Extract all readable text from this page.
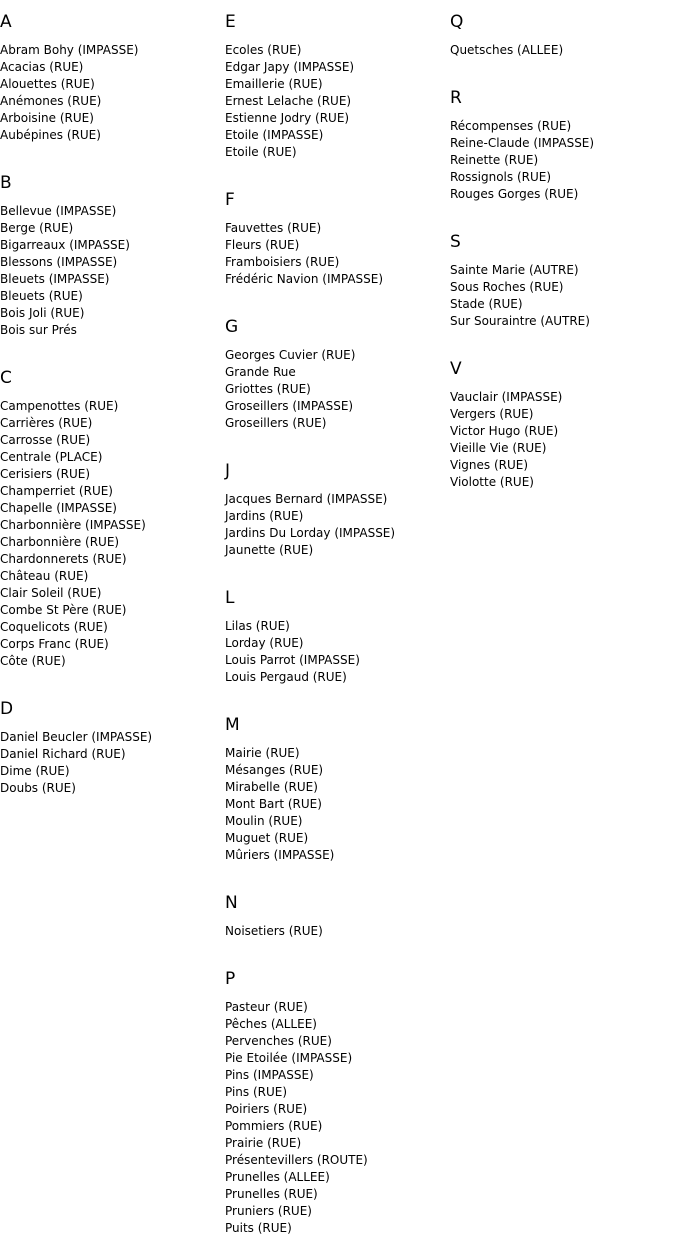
A
Abram Bohy (IMPASSE)
Acacias (RUE)
Alouettes (RUE)
Anémones (RUE)
Arboisine (RUE)
Aubépines (RUE)
B
Bellevue (IMPASSE)
Berge (RUE)
Bigarreaux (IMPASSE)
Blessons (IMPASSE)
Bleuets (IMPASSE)
Bleuets (RUE)
Bois Joli (RUE)
Bois sur Prés
C
Campenottes (RUE)
Carrières (RUE)
Carrosse (RUE)
Centrale (PLACE)
Cerisiers (RUE)
Champerriet (RUE)
Chapelle (IMPASSE)
Charbonnière (IMPASSE)
Charbonnière (RUE)
Chardonnerets (RUE)
Château (RUE)
Clair Soleil (RUE)
Combe St Père (RUE)
Coquelicots (RUE)
Corps Franc (RUE)
Côte (RUE)
D
Daniel Beucler (IMPASSE)
Daniel Richard (RUE)
Dime (RUE)
Doubs (RUE)
E
Ecoles (RUE)
Edgar Japy (IMPASSE)
Emaillerie (RUE)
Ernest Lelache (RUE)
Estienne Jodry (RUE)
Etoile (IMPASSE)
Etoile (RUE)
F
Fauvettes (RUE)
Fleurs (RUE)
Framboisiers (RUE)
Frédéric Navion (IMPASSE)
G
Georges Cuvier (RUE)
Grande Rue
Griottes (RUE)
Groseillers (IMPASSE)
Groseillers (RUE)
J
Jacques Bernard (IMPASSE)
Jardins (RUE)
Jardins Du Lorday (IMPASSE)
Jaunette (RUE)
L
Lilas (RUE)
Lorday (RUE)
Louis Parrot (IMPASSE)
Louis Pergaud (RUE)
M
Mairie (RUE)
Mésanges (RUE)
Mirabelle (RUE)
Mont Bart (RUE)
Moulin (RUE)
Muguet (RUE)
Mûriers (IMPASSE)
N
Noisetiers (RUE)
P
Pasteur (RUE)
Pêches (ALLEE)
Pervenches (RUE)
Pie Etoilée (IMPASSE)
Pins (IMPASSE)
Pins (RUE)
Poiriers (RUE)
Pommiers (RUE)
Prairie (RUE)
Présentevillers (ROUTE)
Prunelles (ALLEE)
Prunelles (RUE)
Pruniers (RUE)
Puits (RUE)
Q
Quetsches (ALLEE)
R
Récompenses (RUE)
Reine-Claude (IMPASSE)
Reinette (RUE)
Rossignols (RUE)
Rouges Gorges (RUE)
S
Sainte Marie (AUTRE)
Sous Roches (RUE)
Stade (RUE)
Sur Souraintre (AUTRE)
V
Vauclair (IMPASSE)
Vergers (RUE)
Victor Hugo (RUE)
Vieille Vie (RUE)
Vignes (RUE)
Violotte (RUE)
